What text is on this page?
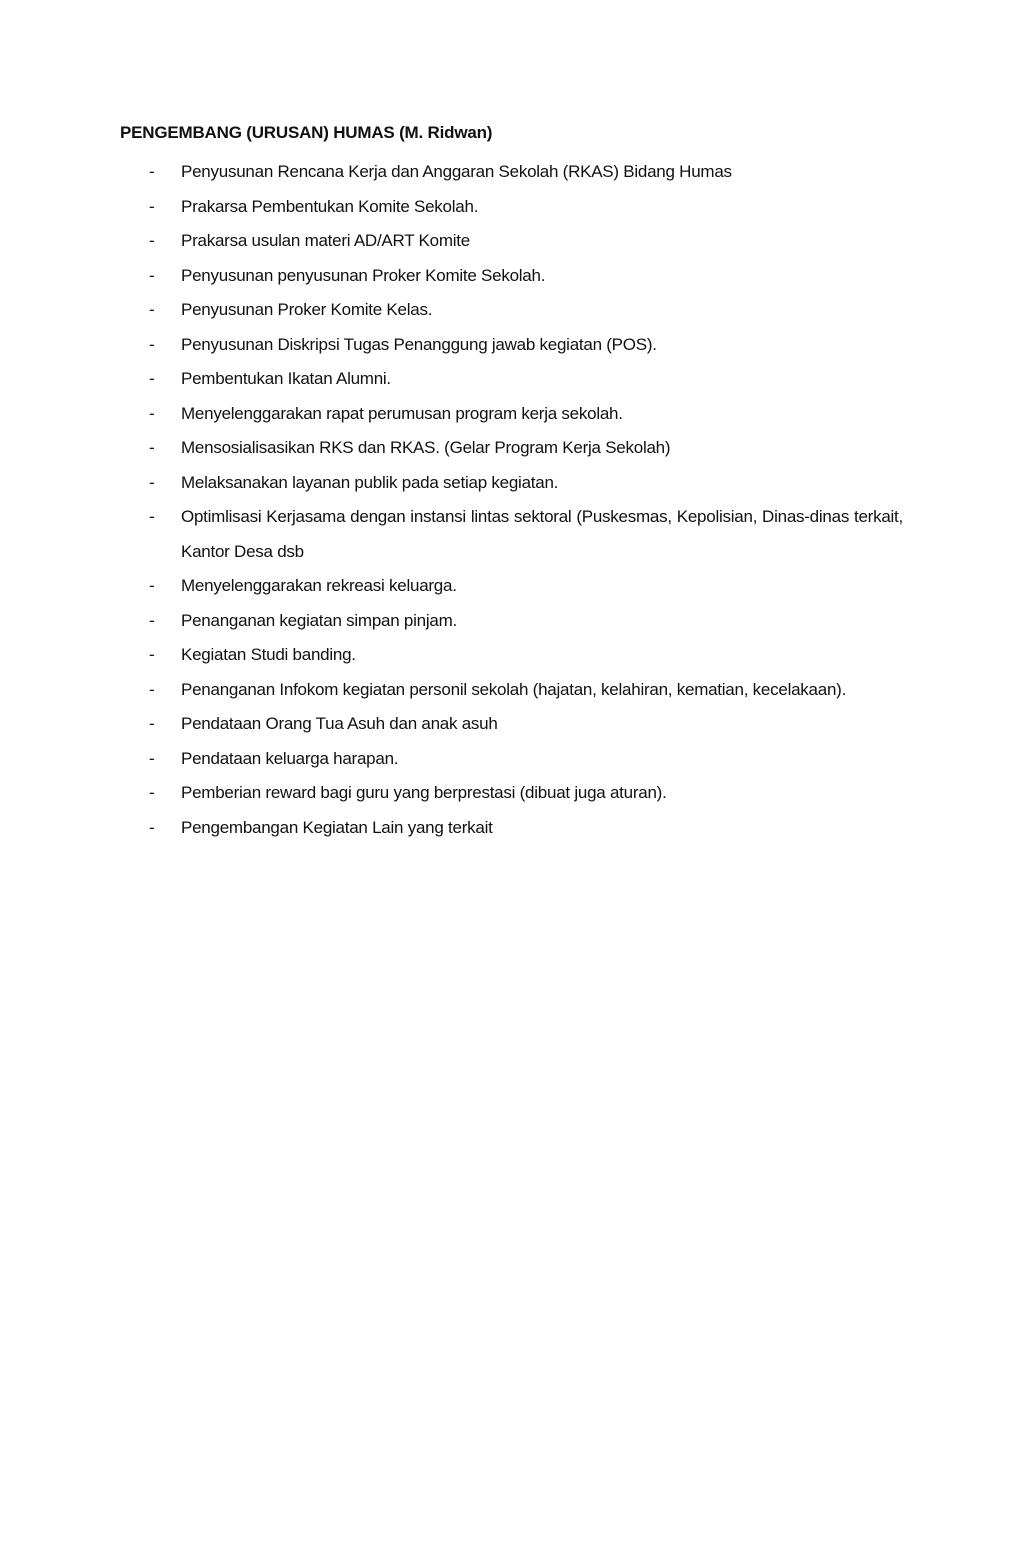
PENGEMBANG (URUSAN) HUMAS (M. Ridwan)
-	Penyusunan Rencana Kerja dan Anggaran Sekolah (RKAS) Bidang Humas
-	Prakarsa Pembentukan Komite Sekolah.
-	Prakarsa usulan materi AD/ART Komite
-	Penyusunan penyusunan Proker Komite Sekolah.
-	Penyusunan Proker Komite Kelas.
-	Penyusunan Diskripsi Tugas Penanggung jawab kegiatan (POS).
-	Pembentukan Ikatan Alumni.
-	Menyelenggarakan rapat perumusan program kerja sekolah.
-	Mensosialisasikan RKS dan RKAS. (Gelar Program Kerja Sekolah)
-	Melaksanakan layanan publik pada setiap kegiatan.
-	Optimlisasi Kerjasama dengan instansi lintas sektoral (Puskesmas, Kepolisian, Dinas-dinas terkait, Kantor Desa dsb
-	Menyelenggarakan rekreasi keluarga.
-	Penanganan kegiatan simpan pinjam.
-	Kegiatan Studi banding.
-	Penanganan Infokom kegiatan personil sekolah (hajatan, kelahiran, kematian, kecelakaan).
-	Pendataan Orang Tua Asuh dan anak asuh
-	Pendataan keluarga harapan.
-	Pemberian reward bagi guru yang berprestasi (dibuat juga aturan).
-	Pengembangan Kegiatan Lain yang terkait
